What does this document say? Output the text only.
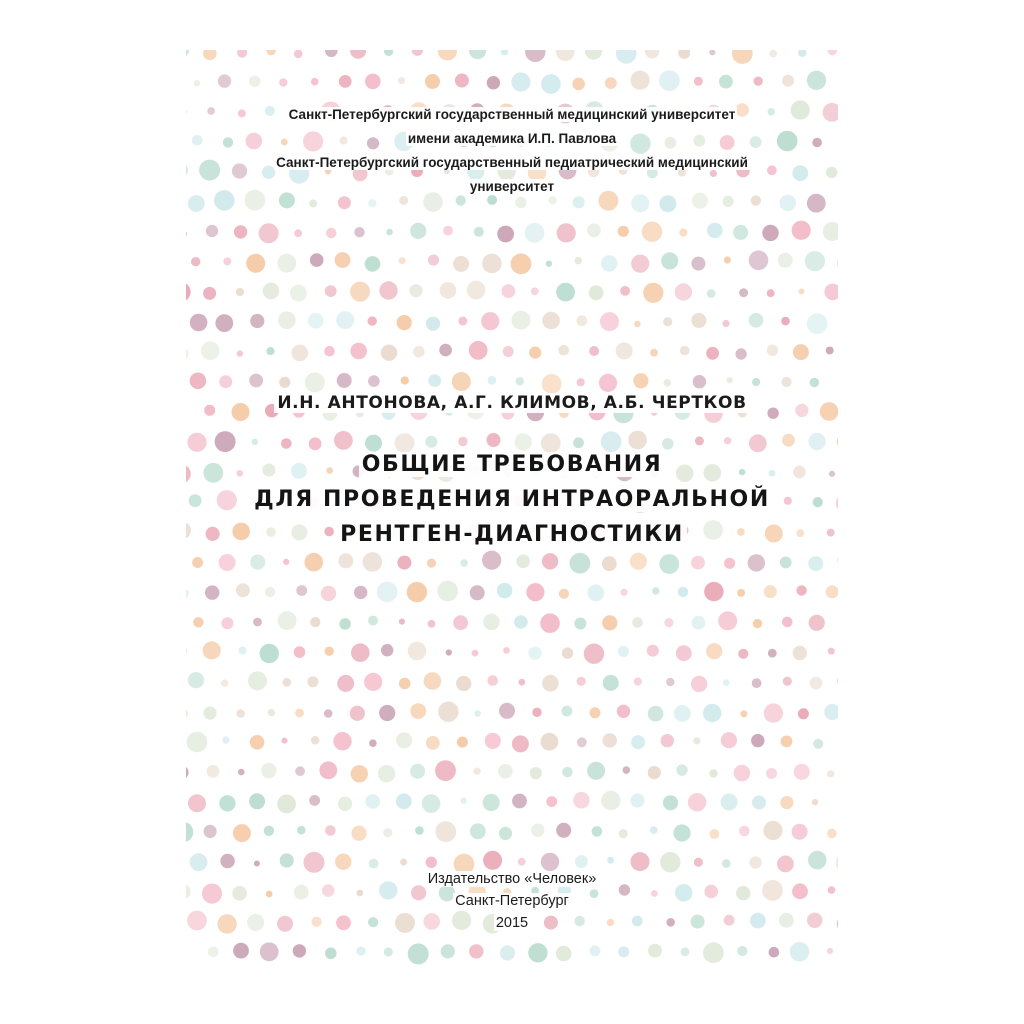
Санкт-Петербургский государственный медицинский университет
имени академика И.П. Павлова
Санкт-Петербургский государственный педиатрический медицинский
университет
И.Н. АНТОНОВА, А.Г. КЛИМОВ, А.Б. ЧЕРТКОВ
ОБЩИЕ ТРЕБОВАНИЯ
ДЛЯ ПРОВЕДЕНИЯ ИНТРАОРАЛЬНОЙ
РЕНТГЕН-ДИАГНОСТИКИ
Издательство «Человек»
Санкт-Петербург
2015
